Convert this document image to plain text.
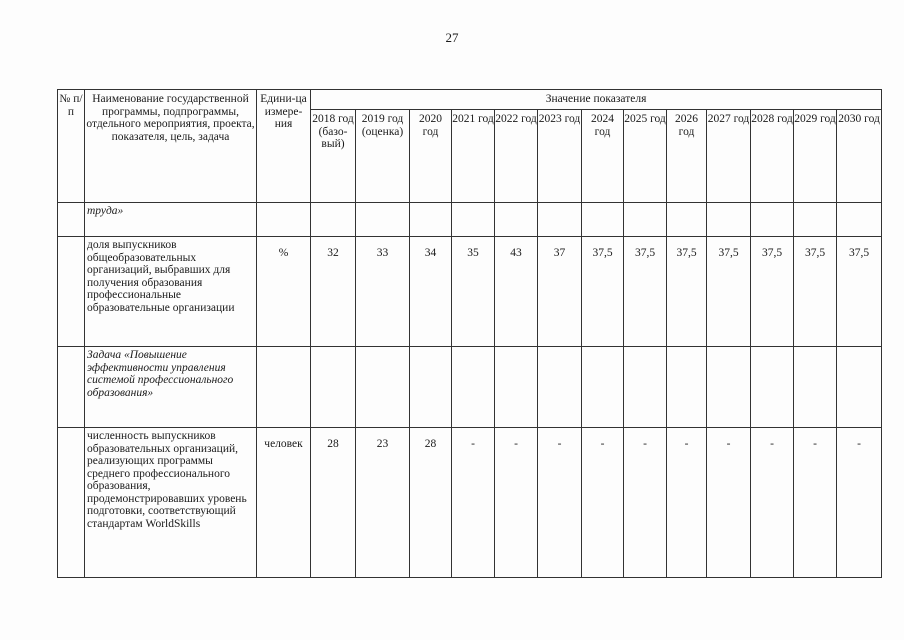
27
№ п/п	Наименование государственной программы, подпрограммы, отдельного мероприятия, проекта, показателя, цель, задача	Едини-ца измере-ния	Значение показателя												
			2018 год (базо-вый)	2019 год (оценка)	2020 год	2021 год	2022 год	2023 год	2024 год	2025 год	2026 год	2027 год	2028 год	2029 год	2030 год
	труда»														
	доля выпускников общеобразовательных организаций, выбравших для получения образования профессиональные образовательные организации	%	32	33	34	35	43	37	37,5	37,5	37,5	37,5	37,5	37,5	37,5
	Задача «Повышение эффективности управления системой профессионального образования»														
	численность выпускников образовательных организаций, реализующих программы среднего профессионального образования, продемонстрировавших уровень подготовки, соответствующий стандартам WorldSkills	человек	28	23	28	-	-	-	-	-	-	-	-	-	-
